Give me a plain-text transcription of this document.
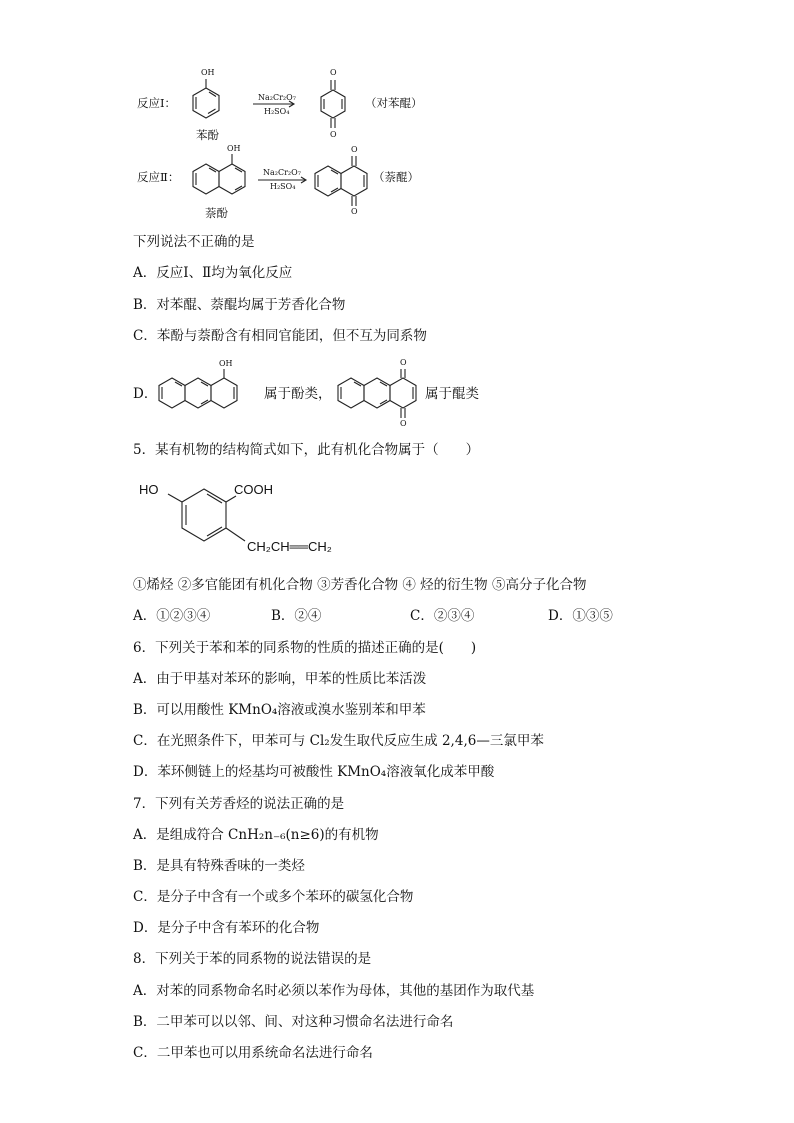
反应Ⅰ：
OH
Na₂Cr₂O₇
H₂SO₄
O
O
苯酚
（对苯醌）
反应Ⅱ：
OH
Na₂Cr₂O₇
H₂SO₄
O
O
萘酚
（萘醌）
下列说法不正确的是
A．反应Ⅰ、Ⅱ均为氧化反应
B．对苯醌、萘醌均属于芳香化合物
C．苯酚与萘酚含有相同官能团，但不互为同系物
D．
OH
属于酚类，
O
O
属于醌类
5．某有机物的结构简式如下，此有机化合物属于（　　）
HO	COOH
CH₂CH══CH₂
①烯烃 ②多官能团有机化合物 ③芳香化合物 ④ 烃的衍生物 ⑤高分子化合物
A．①②③④	B．②④	C．②③④	D．①③⑤
6．下列关于苯和苯的同系物的性质的描述正确的是(　　)
A．由于甲基对苯环的影响，甲苯的性质比苯活泼
B．可以用酸性 KMnO₄溶液或溴水鉴别苯和甲苯
C．在光照条件下，甲苯可与 Cl₂发生取代反应生成 2,4,6—三氯甲苯
D．苯环侧链上的烃基均可被酸性 KMnO₄溶液氧化成苯甲酸
7．下列有关芳香烃的说法正确的是
A．是组成符合 CnH₂n₋₆(n≥6)的有机物
B．是具有特殊香味的一类烃
C．是分子中含有一个或多个苯环的碳氢化合物
D．是分子中含有苯环的化合物
8．下列关于苯的同系物的说法错误的是
A．对苯的同系物命名时必须以苯作为母体，其他的基团作为取代基
B．二甲苯可以以邻、间、对这种习惯命名法进行命名
C．二甲苯也可以用系统命名法进行命名
